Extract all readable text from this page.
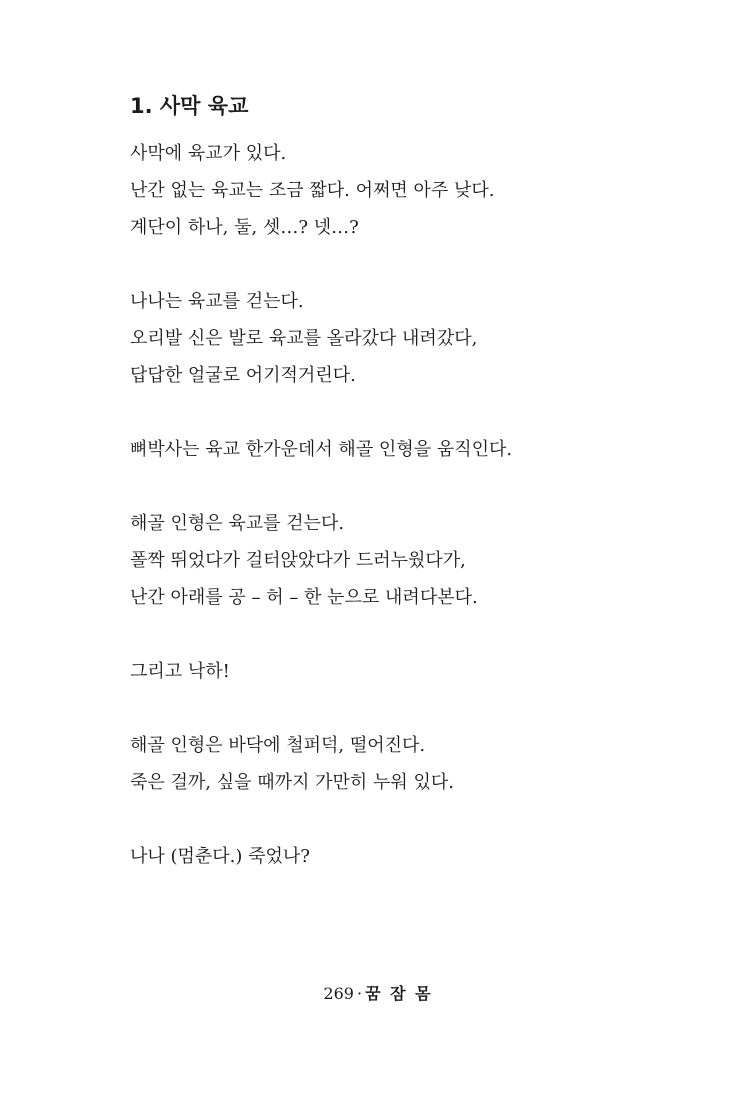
1. 사막 육교
사막에 육교가 있다.
난간 없는 육교는 조금 짧다. 어쩌면 아주 낮다.
계단이 하나, 둘, 셋…? 넷…?
나나는 육교를 걷는다.
오리발 신은 발로 육교를 올라갔다 내려갔다,
답답한 얼굴로 어기적거린다.
뼈박사는 육교 한가운데서 해골 인형을 움직인다.
해골 인형은 육교를 걷는다.
폴짝 뛰었다가 걸터앉았다가 드러누웠다가,
난간 아래를 공 – 허 – 한 눈으로 내려다본다.
그리고 낙하!
해골 인형은 바닥에 철퍼덕, 떨어진다.
죽은 걸까, 싶을 때까지 가만히 누워 있다.
나나 (멈춘다.) 죽었나?
269 · 꿈 잠 몸
